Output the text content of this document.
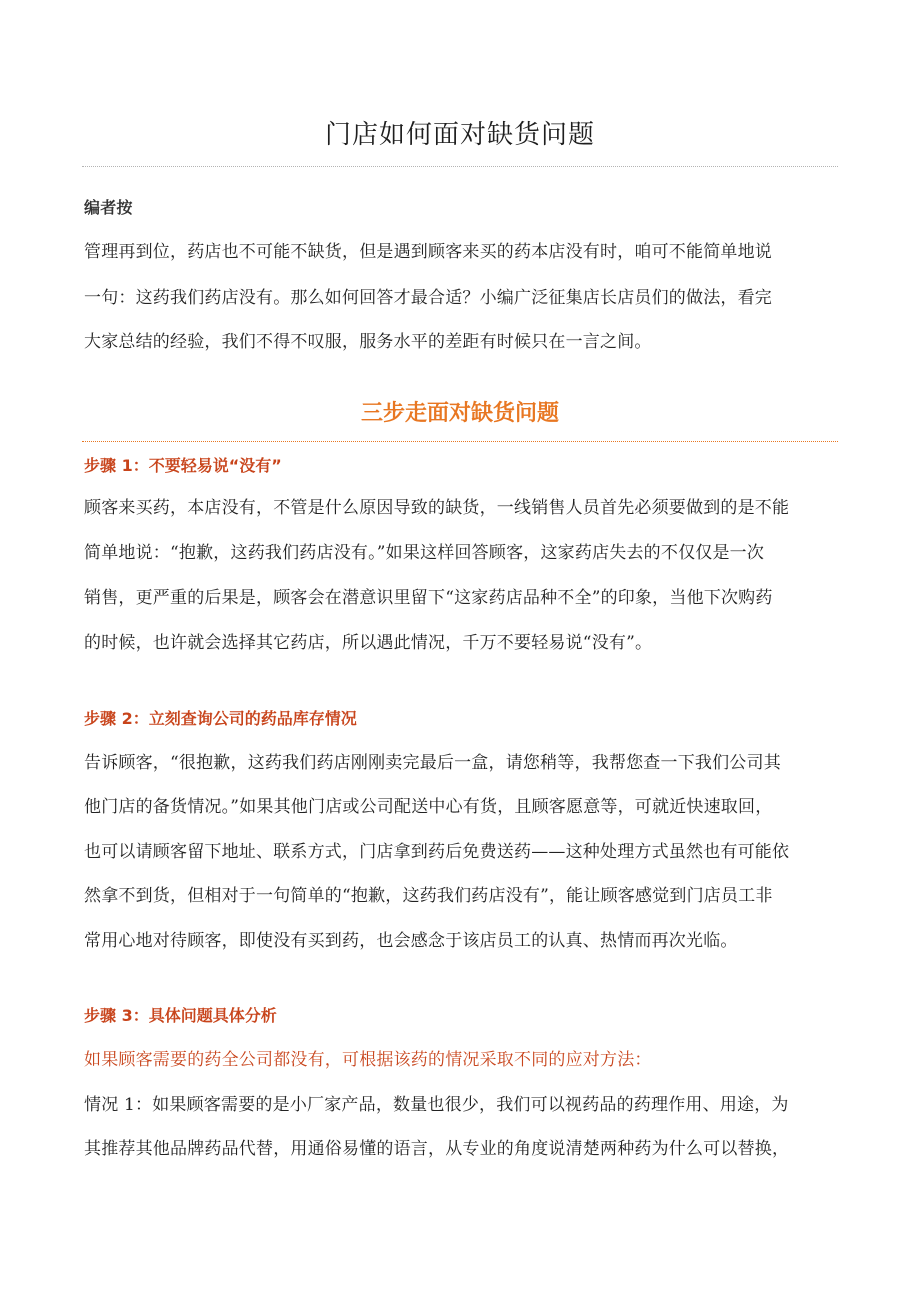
门店如何面对缺货问题
编者按
管理再到位，药店也不可能不缺货，但是遇到顾客来买的药本店没有时，咱可不能简单地说
一句：这药我们药店没有。那么如何回答才最合适？小编广泛征集店长店员们的做法，看完
大家总结的经验，我们不得不叹服，服务水平的差距有时候只在一言之间。
三步走面对缺货问题
步骤 1：不要轻易说“没有”
顾客来买药，本店没有，不管是什么原因导致的缺货，一线销售人员首先必须要做到的是不能
简单地说：“抱歉，这药我们药店没有。”如果这样回答顾客，这家药店失去的不仅仅是一次
销售，更严重的后果是，顾客会在潜意识里留下“这家药店品种不全”的印象，当他下次购药
的时候，也许就会选择其它药店，所以遇此情况，千万不要轻易说“没有”。
步骤 2：立刻查询公司的药品库存情况
告诉顾客，“很抱歉，这药我们药店刚刚卖完最后一盒，请您稍等，我帮您查一下我们公司其
他门店的备货情况。”如果其他门店或公司配送中心有货，且顾客愿意等，可就近快速取回，
也可以请顾客留下地址、联系方式，门店拿到药后免费送药——这种处理方式虽然也有可能依
然拿不到货，但相对于一句简单的“抱歉，这药我们药店没有”，能让顾客感觉到门店员工非
常用心地对待顾客，即使没有买到药，也会感念于该店员工的认真、热情而再次光临。
步骤 3：具体问题具体分析
如果顾客需要的药全公司都没有，可根据该药的情况采取不同的应对方法：
情况 1：如果顾客需要的是小厂家产品，数量也很少，我们可以视药品的药理作用、用途，为
其推荐其他品牌药品代替，用通俗易懂的语言，从专业的角度说清楚两种药为什么可以替换，
